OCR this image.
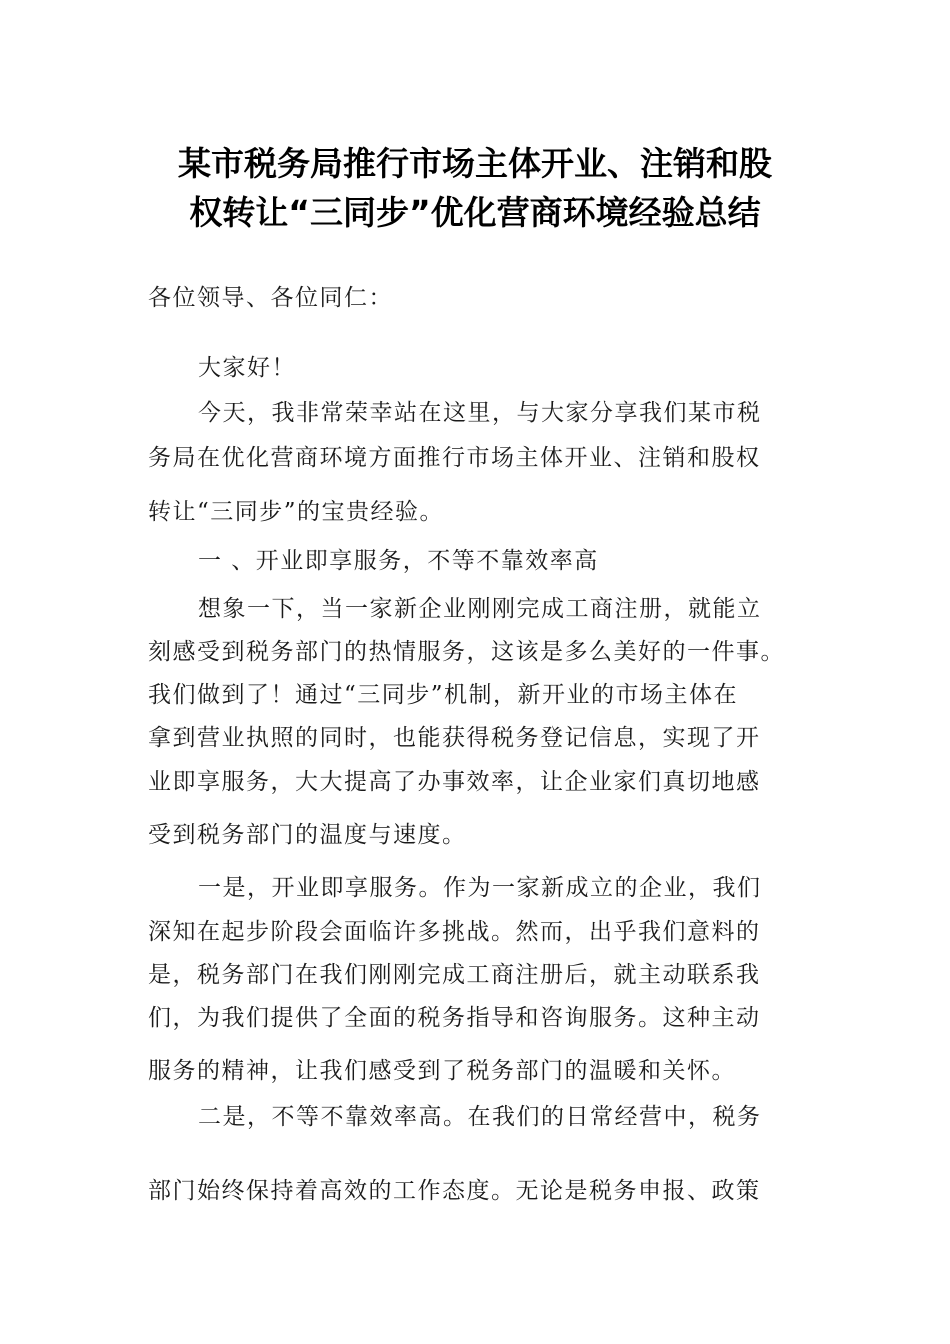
某市税务局推行市场主体开业、注销和股
权转让“三同步”优化营商环境经验总结
各位领导、各位同仁：
大家好！
今天，我非常荣幸站在这里，与大家分享我们某市税
务局在优化营商环境方面推行市场主体开业、注销和股权
转让“三同步”的宝贵经验。
一 、开业即享服务，不等不靠效率高
想象一下，当一家新企业刚刚完成工商注册，就能立
刻感受到税务部门的热情服务，这该是多么美好的一件事。
我们做到了！通过“三同步”机制，新开业的市场主体在
拿到营业执照的同时，也能获得税务登记信息，实现了开
业即享服务，大大提高了办事效率，让企业家们真切地感
受到税务部门的温度与速度。
一是，开业即享服务。作为一家新成立的企业，我们
深知在起步阶段会面临许多挑战。然而，出乎我们意料的
是，税务部门在我们刚刚完成工商注册后，就主动联系我
们，为我们提供了全面的税务指导和咨询服务。这种主动
服务的精神，让我们感受到了税务部门的温暖和关怀。
二是，不等不靠效率高。在我们的日常经营中，税务
部门始终保持着高效的工作态度。无论是税务申报、政策
